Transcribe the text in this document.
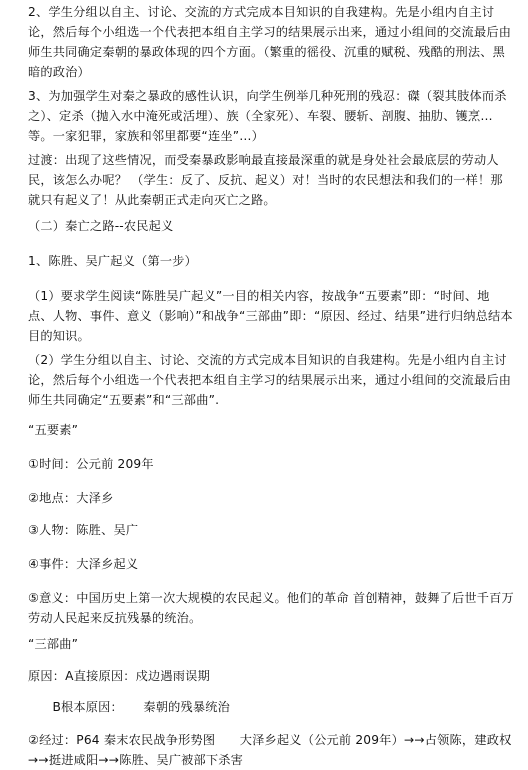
2、学生分组以自主、讨论、交流的方式完成本目知识的自我建构。先是小组内自主讨论，然后每个小组选一个代表把本组自主学习的结果展示出来，通过小组间的交流最后由师生共同确定秦朝的暴政体现的四个方面。（繁重的徭役、沉重的赋税、残酷的刑法、黑暗的政治）

3、为加强学生对秦之暴政的感性认识，向学生例举几种死刑的残忍：磔（裂其肢体而杀之）、定杀（抛入水中淹死或活埋）、族（全家死）、车裂、腰斩、剖腹、抽肋、镬烹…等。一家犯罪，家族和邻里都要“连坐”…）

过渡：出现了这些情况，而受秦暴政影响最直接最深重的就是身处社会最底层的劳动人民，该怎么办呢？ （学生：反了、反抗、起义）对！当时的农民想法和我们的一样！那就只有起义了！从此秦朝正式走向灭亡之路。

（二）秦亡之路--农民起义

1、陈胜、吴广起义（第一步）

（1）要求学生阅读“陈胜吴广起义”一目的相关内容，按战争“五要素”即：“时间、地点、人物、事件、意义（影响）”和战争“三部曲”即：“原因、经过、结果”进行归纳总结本目的知识。

（2）学生分组以自主、讨论、交流的方式完成本目知识的自我建构。先是小组内自主讨论，然后每个小组选一个代表把本组自主学习的结果展示出来，通过小组间的交流最后由师生共同确定“五要素”和“三部曲”.

“五要素”

①时间：公元前 209年

②地点：大泽乡

③人物：陈胜、吴广

④事件：大泽乡起义

⑤意义：中国历史上第一次大规模的农民起义。他们的革命 首创精神，鼓舞了后世千百万劳动人民起来反抗残暴的统治。

“三部曲”

原因：A直接原因：戍边遇雨误期

B根本原因：     秦朝的残暴统治

②经过：P64 秦末农民战争形势图      大泽乡起义（公元前 209年）→→占领陈，建政权→→挺进咸阳→→陈胜、吴广被部下杀害
